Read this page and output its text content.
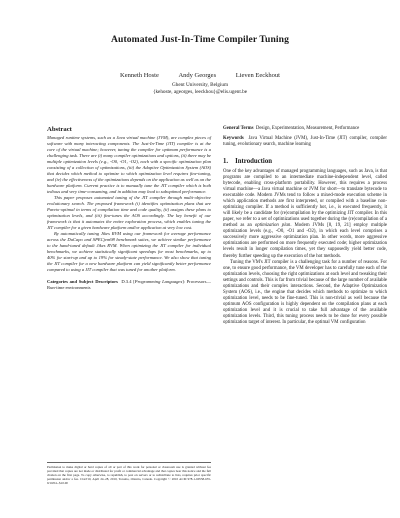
Automated Just-In-Time Compiler Tuning
Kenneth Hoste	Andy Georges	Lieven Eeckhout
Ghent University, Belgium
{kehoste, ageorges, leeckhou}@elis.ugent.be
Abstract

Managed runtime systems, such as a Java virtual machine (JVM), are complex pieces of software with many interacting components. The Just-In-Time (JIT) compiler is at the core of the virtual machine; however, tuning the compiler for optimum performance is a challenging task. There are (i) many compiler optimizations and options, (ii) there may be multiple optimization levels (e.g., -O0, -O1, -O2), each with a specific optimization plan consisting of a collection of optimizations, (iii) the Adaptive Optimization System (AOS) that decides which method to optimize to which optimization level requires fine-tuning, and (iv) the effectiveness of the optimizations depends on the application as well as on the hardware platform. Current practice is to manually tune the JIT compiler which is both tedious and very time-consuming, and in addition may lead to suboptimal performance.

This paper proposes automated tuning of the JIT compiler through multi-objective evolutionary search. The proposed framework (i) identifies optimization plans that are Pareto-optimal in terms of compilation time and code quality, (ii) assigns these plans to optimization levels, and (iii) fine-tunes the AOS accordingly. The key benefit of our framework is that it automates the entire exploration process, which enables tuning the JIT compiler for a given hardware platform and/or application at very low cost.

By automatically tuning Jikes RVM using our framework for average performance across the DaCapo and SPECjvm98 benchmark suites, we achieve similar performance to the hand-tuned default Jikes RVM. When optimizing the JIT compiler for individual benchmarks, we achieve statistically significant speedups for most benchmarks, up to 40% for start-up and up to 19% for steady-state performance. We also show that tuning the JIT compiler for a new hardware platform can yield significantly better performance compared to using a JIT compiler that was tuned for another platform.

Categories and Subject Descriptors D.3.4 [Programming Languages]: Processors—Run-time environments
Permission to make digital or hard copies of all or part of this work for personal or classroom use is granted without fee provided that copies are not made or distributed for profit or commercial advantage and that copies bear this notice and the full citation on the first page. To copy otherwise, to republish, to post on servers or to redistribute to lists, requires prior specific permission and/or a fee. CGO'10, April 24–28, 2010, Toronto, Ontario, Canada. Copyright © 2010 ACM 978-1-60558-635-9/10/04...$10.00
General Terms Design, Experimentation, Measurement, Performance
Keywords Java Virtual Machine (JVM), Just-In-Time (JIT) compiler, compiler tuning, evolutionary search, machine learning
1. Introduction

One of the key advantages of managed programming languages, such as Java, is that programs are compiled to an intermediate machine-independent level, called bytecode, enabling cross-platform portability. However, this requires a process virtual machine—a Java virtual machine or JVM for short—to translate bytecode to executable code. Modern JVMs tend to follow a mixed-mode execution scheme in which application methods are first interpreted, or compiled with a baseline non-optimizing compiler. If a method is sufficiently hot, i.e., is executed frequently, it will likely be a candidate for (re)compilation by the optimizing JIT compiler. In this paper, we refer to a set of optimizations used together during the (re)compilation of a method as an optimization plan. Modern JVMs [8, 19, 21] employ multiple optimization levels (e.g., -O0, -O1 and -O2), in which each level comprises a successively more aggressive optimization plan. In other words, more aggressive optimizations are performed on more frequently executed code; higher optimization levels result in longer compilation times, yet they supposedly yield better code, thereby further speeding up the execution of the hot methods.

Tuning the VM's JIT compiler is a challenging task for a number of reasons. For one, to ensure good performance, the VM developer has to carefully tune each of the optimization levels, choosing the right optimizations at each level and tweaking their settings and controls. This is far from trivial because of the large number of available optimizations and their complex interactions. Second, the Adaptive Optimization System (AOS), i.e., the engine that decides which methods to optimize to which optimization level, needs to be fine-tuned. This is non-trivial as well because the optimum AOS configuration is highly dependent on the compilation plans at each optimization level and it is crucial to take full advantage of the available optimization levels. Third, this tuning process needs to be done for every possible optimization target of interest. In particular, the optimal VM configuration
